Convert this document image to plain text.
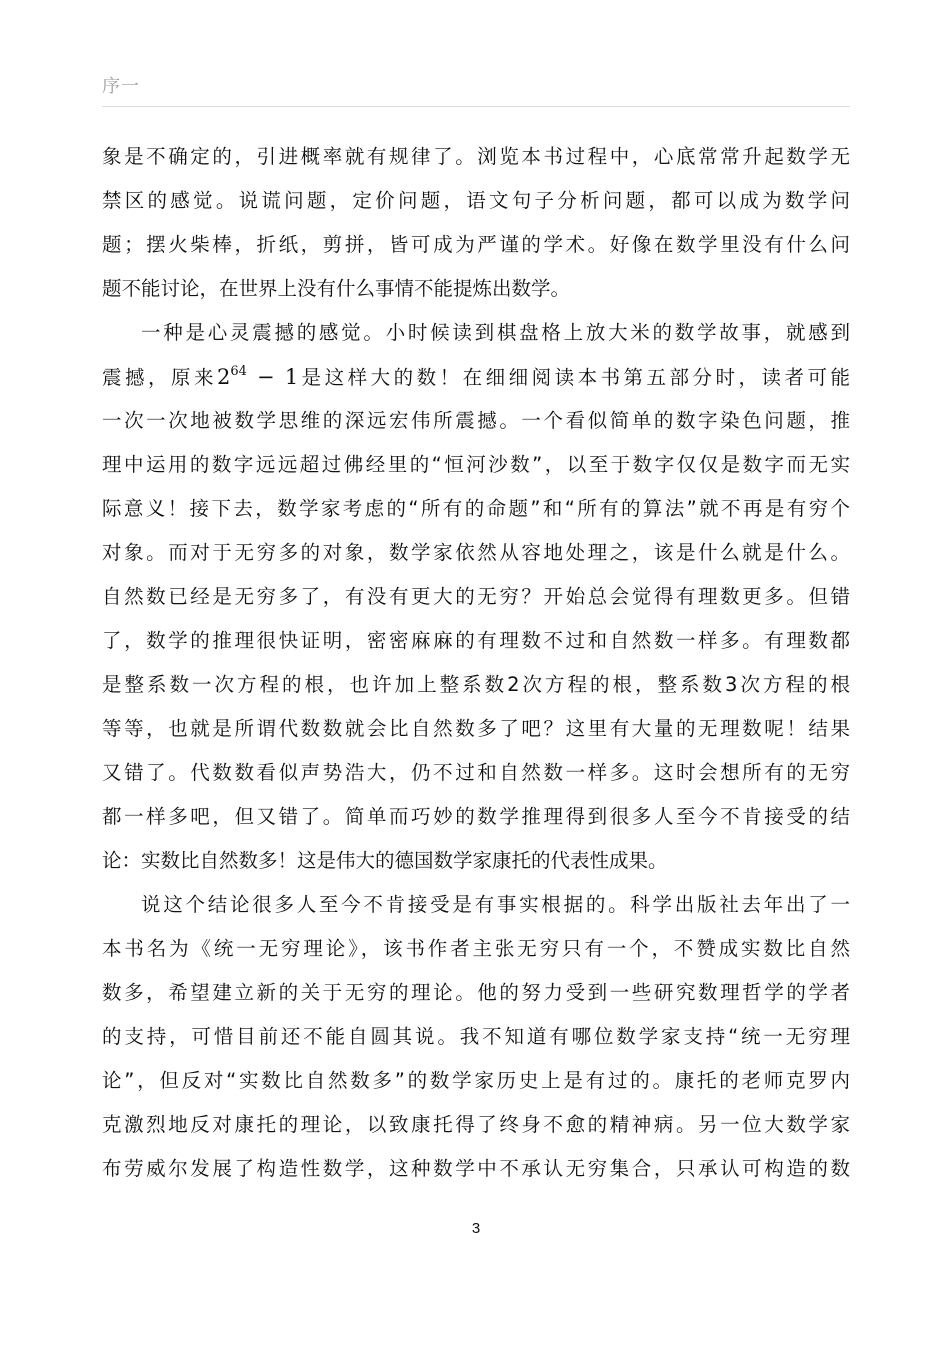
序一
象是不确定的，引进概率就有规律了。浏览本书过程中，心底常常升起数学无
禁区的感觉。说谎问题，定价问题，语文句子分析问题，都可以成为数学问
题；摆火柴棒，折纸，剪拼，皆可成为严谨的学术。好像在数学里没有什么问
题不能讨论，在世界上没有什么事情不能提炼出数学。
一种是心灵震撼的感觉。小时候读到棋盘格上放大米的数学故事，就感到
震撼，原来$2^{64} - 1$是这样大的数！在细细阅读本书第五部分时，读者可能
一次一次地被数学思维的深远宏伟所震撼。一个看似简单的数字染色问题，推
理中运用的数字远远超过佛经里的“恒河沙数”，以至于数字仅仅是数字而无实
际意义！接下去，数学家考虑的“所有的命题”和“所有的算法”就不再是有穷个
对象。而对于无穷多的对象，数学家依然从容地处理之，该是什么就是什么。
自然数已经是无穷多了，有没有更大的无穷？开始总会觉得有理数更多。但错
了，数学的推理很快证明，密密麻麻的有理数不过和自然数一样多。有理数都
是整系数一次方程的根，也许加上整系数2次方程的根，整系数3次方程的根
等等，也就是所谓代数数就会比自然数多了吧？这里有大量的无理数呢！结果
又错了。代数数看似声势浩大，仍不过和自然数一样多。这时会想所有的无穷
都一样多吧，但又错了。简单而巧妙的数学推理得到很多人至今不肯接受的结
论：实数比自然数多！这是伟大的德国数学家康托的代表性成果。
说这个结论很多人至今不肯接受是有事实根据的。科学出版社去年出了一
本书名为《统一无穷理论》，该书作者主张无穷只有一个，不赞成实数比自然
数多，希望建立新的关于无穷的理论。他的努力受到一些研究数理哲学的学者
的支持，可惜目前还不能自圆其说。我不知道有哪位数学家支持“统一无穷理
论”，但反对“实数比自然数多”的数学家历史上是有过的。康托的老师克罗内
克激烈地反对康托的理论，以致康托得了终身不愈的精神病。另一位大数学家
布劳威尔发展了构造性数学，这种数学中不承认无穷集合，只承认可构造的数
3
